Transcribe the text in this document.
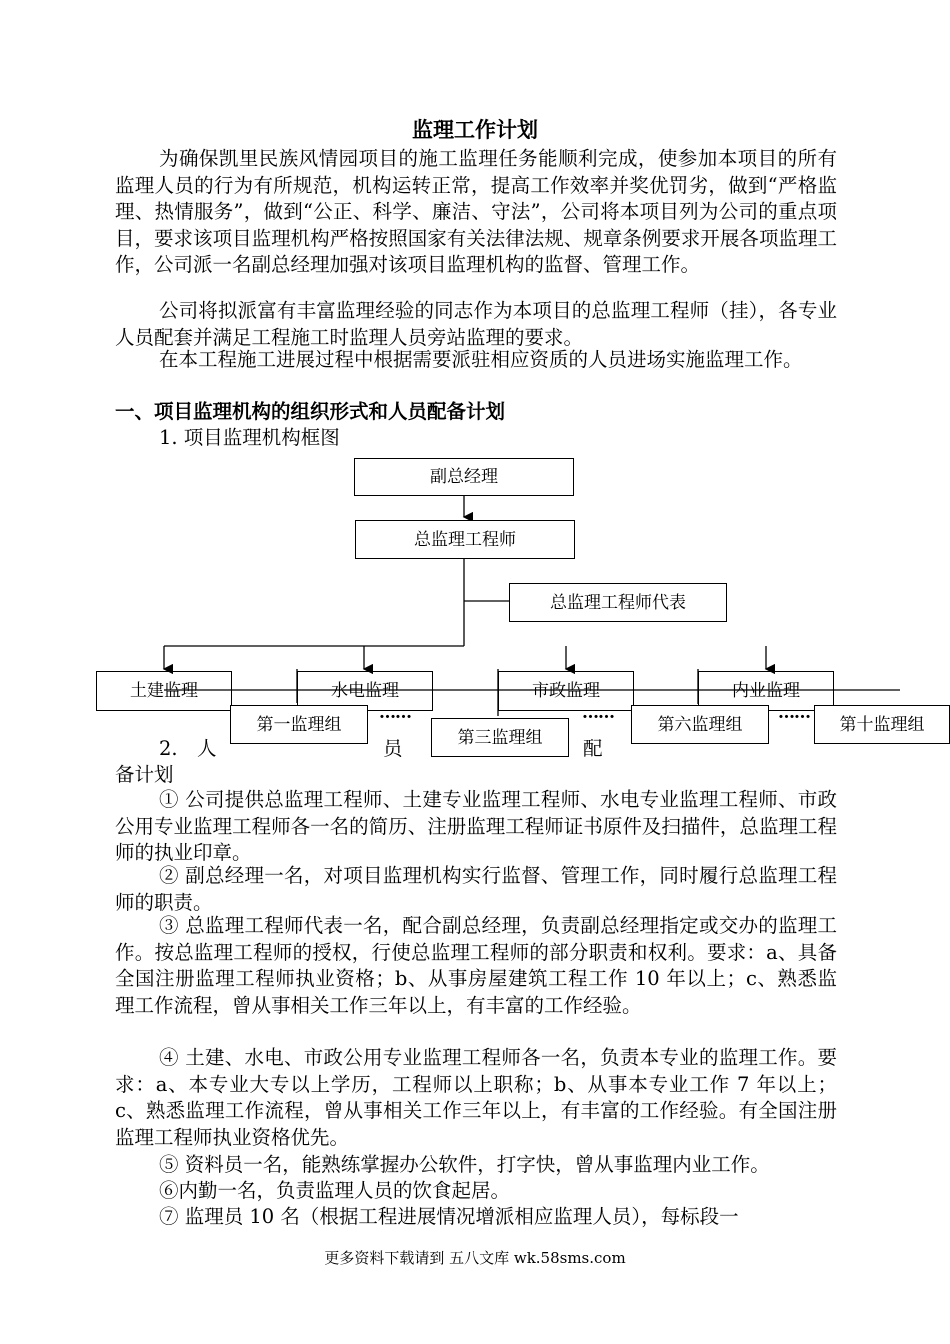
监理工作计划

为确保凯里民族风情园项目的施工监理任务能顺利完成，使参加本项目的所有监理人员的行为有所规范，机构运转正常，提高工作效率并奖优罚劣，做到“严格监理、热情服务”，做到“公正、科学、廉洁、守法”，公司将本项目列为公司的重点项目，要求该项目监理机构严格按照国家有关法律法规、规章条例要求开展各项监理工作，公司派一名副总经理加强对该项目监理机构的监督、管理工作。

公司将拟派富有丰富监理经验的同志作为本项目的总监理工程师（挂），各专业人员配套并满足工程施工时监理人员旁站监理的要求。

在本工程施工进展过程中根据需要派驻相应资质的人员进场实施监理工作。

一、项目监理机构的组织形式和人员配备计划
1. 项目监理机构框图
副总经理
总监理工程师
总监理工程师代表
土建监理	水电监理	市政监理	内业监理
第一监理组
第三监理组
第六监理组	第十监理组
……	……	……
2. 人	员	配
备计划

① 公司提供总监理工程师、土建专业监理工程师、水电专业监理工程师、市政公用专业监理工程师各一名的简历、注册监理工程师证书原件及扫描件，总监理工程师的执业印章。

② 副总经理一名，对项目监理机构实行监督、管理工作，同时履行总监理工程师的职责。

③ 总监理工程师代表一名，配合副总经理，负责副总经理指定或交办的监理工作。按总监理工程师的授权，行使总监理工程师的部分职责和权利。要求：a、具备全国注册监理工程师执业资格；b、从事房屋建筑工程工作 10 年以上；c、熟悉监理工作流程，曾从事相关工作三年以上，有丰富的工作经验。

④ 土建、水电、市政公用专业监理工程师各一名，负责本专业的监理工作。要求：a、本专业大专以上学历，工程师以上职称；b、从事本专业工作 7 年以上；c、熟悉监理工作流程，曾从事相关工作三年以上，有丰富的工作经验。有全国注册监理工程师执业资格优先。

⑤ 资料员一名，能熟练掌握办公软件，打字快，曾从事监理内业工作。

⑥内勤一名，负责监理人员的饮食起居。

⑦ 监理员 10 名（根据工程进展情况增派相应监理人员），每标段一

更多资料下载请到 五八文库 wk.58sms.com
